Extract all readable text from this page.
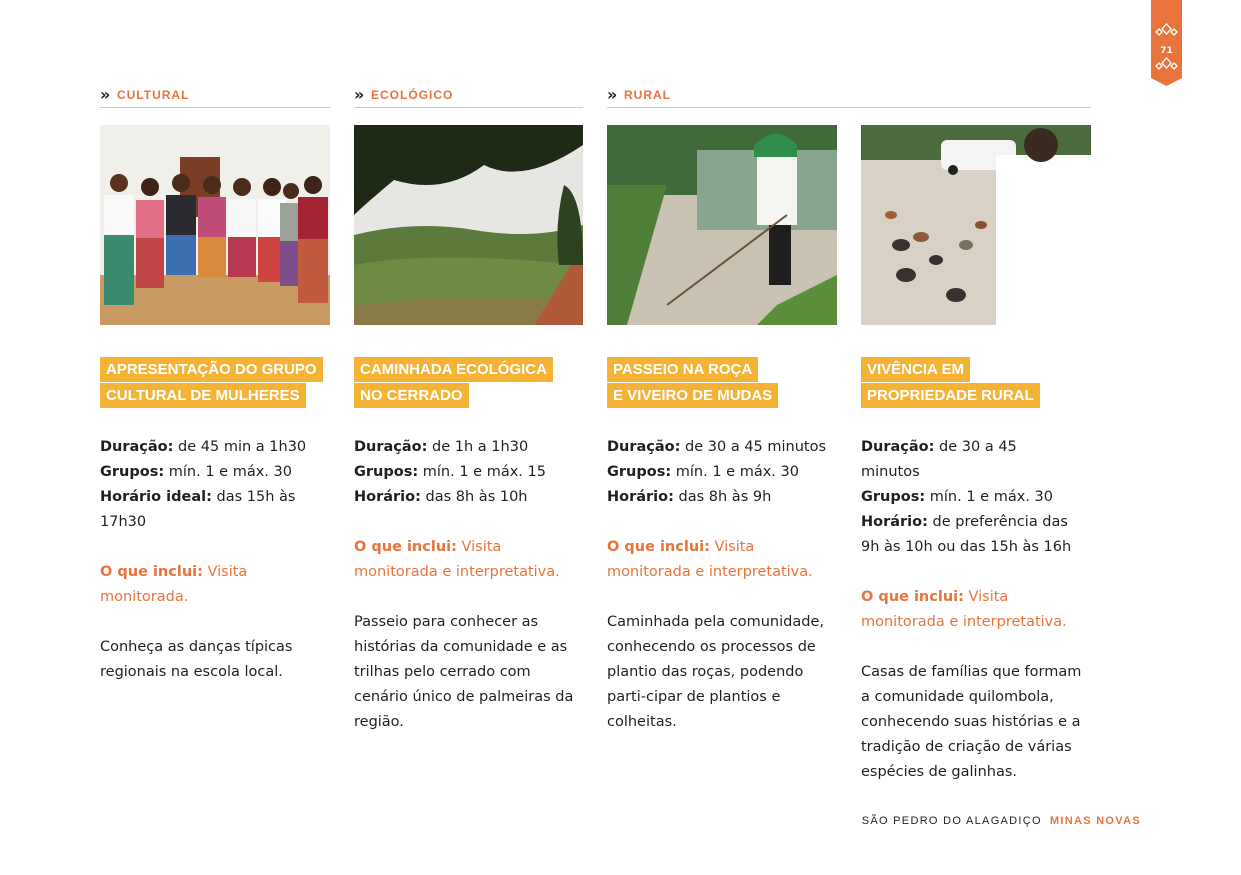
71
» CULTURAL	» ECOLÓGICO	» RURAL
APRESENTAÇÃO DO GRUPO
CULTURAL DE MULHERES
Duração: de 45 min a 1h30
Grupos: mín. 1 e máx. 30
Horário ideal: das 15h às 17h30
O que inclui: Visita monitorada.
Conheça as danças típicas regionais na escola local.
CAMINHADA ECOLÓGICA
NO CERRADO
Duração: de 1h a 1h30
Grupos: mín. 1 e máx. 15
Horário: das 8h às 10h
O que inclui: Visita monitorada e interpretativa.
Passeio para conhecer as histórias da comunidade e as trilhas pelo cerrado com cenário único de palmeiras da região.
PASSEIO NA ROÇA
E VIVEIRO DE MUDAS
Duração: de 30 a 45 minutos
Grupos: mín. 1 e máx. 30
Horário: das 8h às 9h
O que inclui: Visita monitorada e interpretativa.
Caminhada pela comunidade, conhecendo os processos de plantio das roças, podendo parti-cipar de plantios e colheitas.
VIVÊNCIA EM
PROPRIEDADE RURAL
Duração: de 30 a 45 minutos
Grupos: mín. 1 e máx. 30
Horário: de preferência das 9h às 10h ou das 15h às 16h
O que inclui: Visita monitorada e interpretativa.
Casas de famílias que formam a comunidade quilombola, conhecendo suas histórias e a tradição de criação de várias espécies de galinhas.
SÃO PEDRO DO ALAGADIÇO MINAS NOVAS
